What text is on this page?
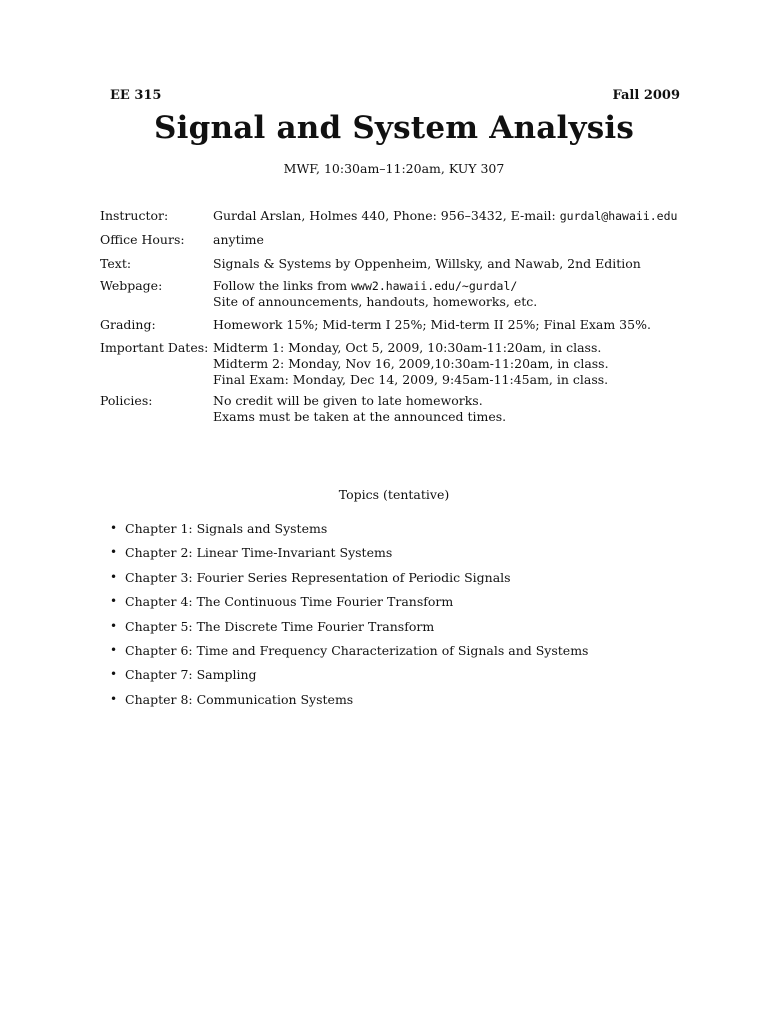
EE 315	Fall 2009
Signal and System Analysis
MWF, 10:30am–11:20am, KUY 307
Instructor:	Gurdal Arslan, Holmes 440, Phone: 956–3432, E-mail: gurdal@hawaii.edu
Office Hours:	anytime
Text:	Signals & Systems by Oppenheim, Willsky, and Nawab, 2nd Edition
Webpage:	Follow the links from www2.hawaii.edu/∼gurdal/
Site of announcements, handouts, homeworks, etc.
Grading:	Homework 15%; Mid-term I 25%; Mid-term II 25%; Final Exam 35%.
Important Dates: Midterm 1: Monday, Oct 5, 2009, 10:30am-11:20am, in class.
Midterm 2: Monday, Nov 16, 2009,10:30am-11:20am, in class.
Final Exam: Monday, Dec 14, 2009, 9:45am-11:45am, in class.
Policies:	No credit will be given to late homeworks.
Exams must be taken at the announced times.
Topics (tentative)
• Chapter 1: Signals and Systems
• Chapter 2: Linear Time-Invariant Systems
• Chapter 3: Fourier Series Representation of Periodic Signals
• Chapter 4: The Continuous Time Fourier Transform
• Chapter 5: The Discrete Time Fourier Transform
• Chapter 6: Time and Frequency Characterization of Signals and Systems
• Chapter 7: Sampling
• Chapter 8: Communication Systems
